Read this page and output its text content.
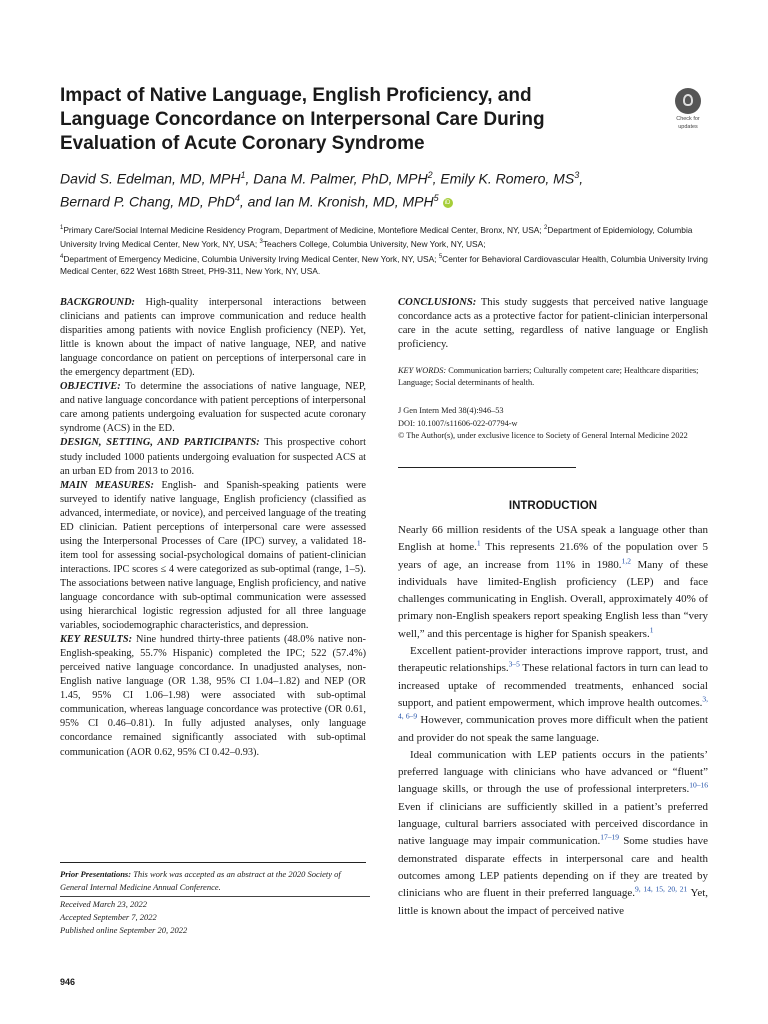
Impact of Native Language, English Proficiency, and Language Concordance on Interpersonal Care During Evaluation of Acute Coronary Syndrome
Check for
updates

David S. Edelman, MD, MPH$^1$, Dana M. Palmer, PhD, MPH$^2$, Emily K. Romero, $MS^3$,
Bernard P. Chang, MD, PhD$^4$, and Ian M. Kronish, MD, MPH$^5$ iD

$^1$Primary Care/Social Internal Medicine Residency Program, Department of Medicine, Montefiore Medical Center, Bronx, NY, USA; $^2$Department of Epidemiology, Columbia University Irving Medical Center, New York, NY, USA; $^3$Teachers College, Columbia University, New York, NY, USA;
$^4$Department of Emergency Medicine, Columbia University Irving Medical Center, New York, NY, USA; $^5$Center for Behavioral Cardiovascular Health, Columbia University Irving Medical Center, 622 West 168th Street, PH9-311, New York, NY, USA.

BACKGROUND: High-quality interpersonal interactions between clinicians and patients can improve communication and reduce health disparities among patients with novice English proficiency (NEP). Yet, little is known about the impact of native language, NEP, and native language concordance on patient on perceptions of interpersonal care in the emergency department (ED).

OBJECTIVE: To determine the associations of native language, NEP, and native language concordance with patient perceptions of interpersonal care among patients undergoing evaluation for suspected acute coronary syndrome (ACS) in the ED.

DESIGN, SETTING, AND PARTICIPANTS: This prospective cohort study included 1000 patients undergoing evaluation for suspected ACS at an urban ED from 2013 to 2016.

MAIN MEASURES: English- and Spanish-speaking patients were surveyed to identify native language, English proficiency (classified as advanced, intermediate, or novice), and perceived language of the treating ED clinician. Patient perceptions of interpersonal care were assessed using the Interpersonal Processes of Care (IPC) survey, a validated 18-item tool for assessing social-psychological domains of patient-clinician interactions. IPC scores ≤ 4 were categorized as sub-optimal (range, 1–5). The associations between native language, English proficiency, and native language concordance with sub-optimal communication were assessed using hierarchical logistic regression adjusted for all three language variables, sociodemographic characteristics, and depression.

KEY RESULTS: Nine hundred thirty-three patients (48.0% native non-English-speaking, 55.7% Hispanic) completed the IPC; 522 (57.4%) perceived native language concordance. In unadjusted analyses, non-English native language (OR 1.38, 95% CI 1.04–1.82) and NEP (OR 1.45, 95% CI 1.06–1.98) were associated with sub-optimal communication, whereas language concordance was protective (OR 0.61, 95% CI 0.46–0.81). In fully adjusted analyses, only language concordance remained significantly associated with sub-optimal communication (AOR 0.62, 95% CI 0.42–0.93).

Prior Presentations: This work was accepted as an abstract at the 2020 Society of General Internal Medicine Annual Conference.

Received March 23, 2022

Accepted September 7, 2022

Published online September 20, 2022

CONCLUSIONS: This study suggests that perceived native language concordance acts as a protective factor for patient-clinician interpersonal care in the acute setting, regardless of native language or English proficiency.

KEY WORDS: Communication barriers; Culturally competent care; Healthcare disparities; Language; Social determinants of health.

J Gen Intern Med 38(4):946–53
DOI: 10.1007/s11606-022-07794-w
© The Author(s), under exclusive licence to Society of General Internal Medicine 2022
INTRODUCTION

Nearly 66 million residents of the USA speak a language other than English at home.$^1$ This represents 21.6% of the population over 5 years of age, an increase from 11% in 1980.$^{1,2}$ Many of these individuals have limited-English proficiency (LEP) and face challenges communicating in English. Overall, approximately 40% of primary non-English speakers report speaking English less than “very well,” and this percentage is higher for Spanish speakers.$^1$

Excellent patient-provider interactions improve rapport, trust, and therapeutic relationships.$^{3-5}$ These relational factors in turn can lead to increased uptake of recommended treatments, enhanced social support, and patient empowerment, which improve health outcomes.$^{3, 4, 6-9}$ However, communication proves more difficult when the patient and provider do not speak the same language.

Ideal communication with LEP patients occurs in the patients’ preferred language with clinicians who have advanced or “fluent” language skills, or through the use of professional interpreters.$^{10-16}$ Even if clinicians are sufficiently skilled in a patient’s preferred language, cultural barriers associated with perceived discordance in native language may impair communication.$^{17-19}$ Some studies have demonstrated disparate effects in interpersonal care and health outcomes among LEP patients depending on if they are treated by clinicians who are fluent in their preferred language.$^{9, 14, 15, 20, 21}$ Yet, little is known about the impact of perceived native

946
